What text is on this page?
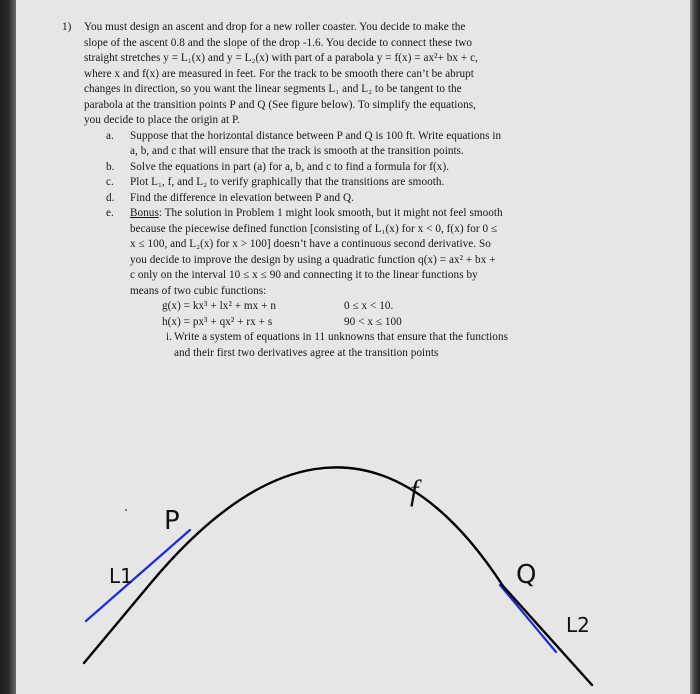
1) You must design an ascent and drop for a new roller coaster. You decide to make the
slope of the ascent 0.8 and the slope of the drop -1.6. You decide to connect these two
straight stretches y = L₁(x) and y = L₂(x) with part of a parabola y = f(x) = ax²+ bx + c,
where x and f(x) are measured in feet. For the track to be smooth there can’t be abrupt
changes in direction, so you want the linear segments L₁ and L₂ to be tangent to the
parabola at the transition points P and Q (See figure below). To simplify the equations,
you decide to place the origin at P.
a. Suppose that the horizontal distance between P and Q is 100 ft. Write equations in
a, b, and c that will ensure that the track is smooth at the transition points.
b. Solve the equations in part (a) for a, b, and c to find a formula for f(x).
c. Plot L₁, f, and L₂ to verify graphically that the transitions are smooth.
d. Find the difference in elevation between P and Q.
e. Bonus: The solution in Problem 1 might look smooth, but it might not feel smooth
because the piecewise defined function [consisting of L₁(x) for x < 0, f(x) for 0 ≤
x ≤ 100, and L₂(x) for x > 100] doesn’t have a continuous second derivative. So
you decide to improve the design by using a quadratic function q(x) = ax² + bx +
c only on the interval 10 ≤ x ≤ 90 and connecting it to the linear functions by
means of two cubic functions:
g(x) = kx³ + lx² + mx + n	0 ≤ x < 10.
h(x) = px³ + qx² + rx + s	90 < x ≤ 100
i. Write a system of equations in 11 unknowns that ensure that the functions
and their first two derivatives agree at the transition points
f
P
Q
L1
L2
